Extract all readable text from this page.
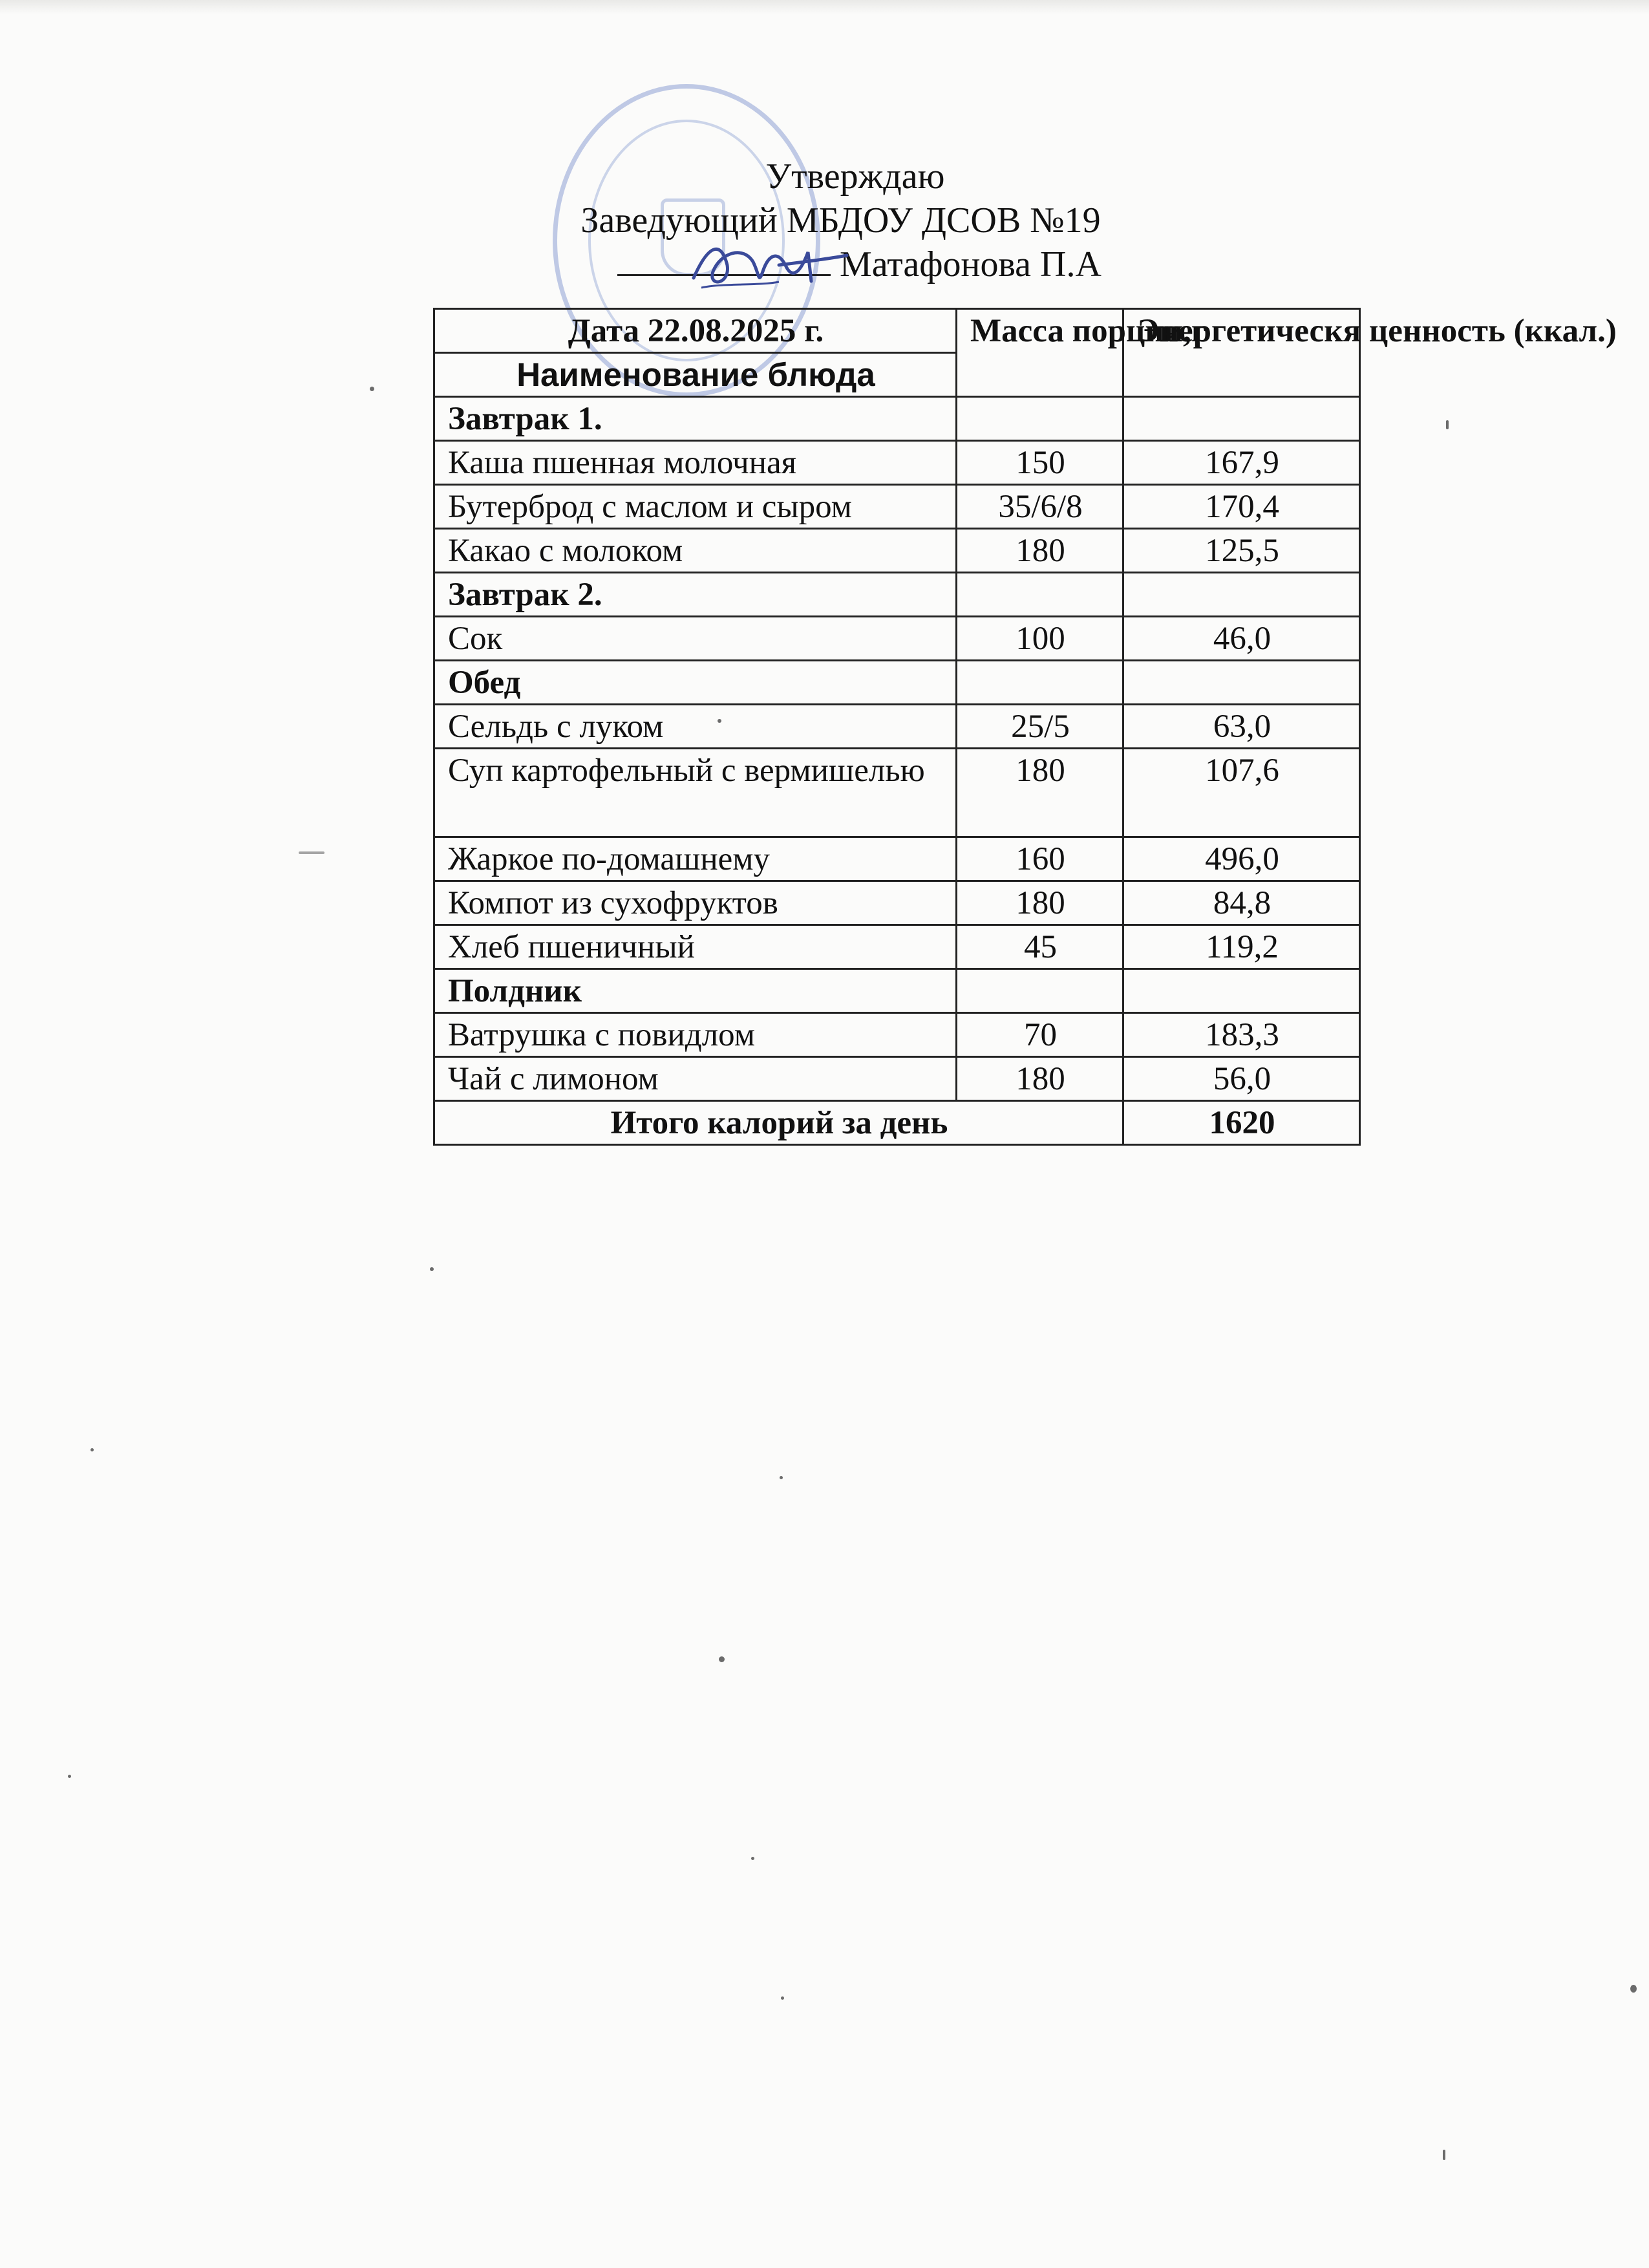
Утверждаю
Заведующий МБДОУ ДСОВ №19
Матафонова П.А
Дата 22.08.2025 г.	Масса порции,г	Энергетическя ценность (ккал.)
Наименование блюда		
Завтрак 1.		
Каша пшенная молочная	150	167,9
Бутерброд с маслом и сыром	35/6/8	170,4
Какао с молоком	180	125,5
Завтрак 2.		
Сок	100	46,0
Обед		
Сельдь с луком	25/5	63,0
Суп картофельный с вермишелью	180	107,6
Жаркое по-домашнему	160	496,0
Компот из сухофруктов	180	84,8
Хлеб пшеничный	45	119,2
Полдник		
Ватрушка с повидлом	70	183,3
Чай с лимоном	180	56,0
Итого калорий за день		1620
